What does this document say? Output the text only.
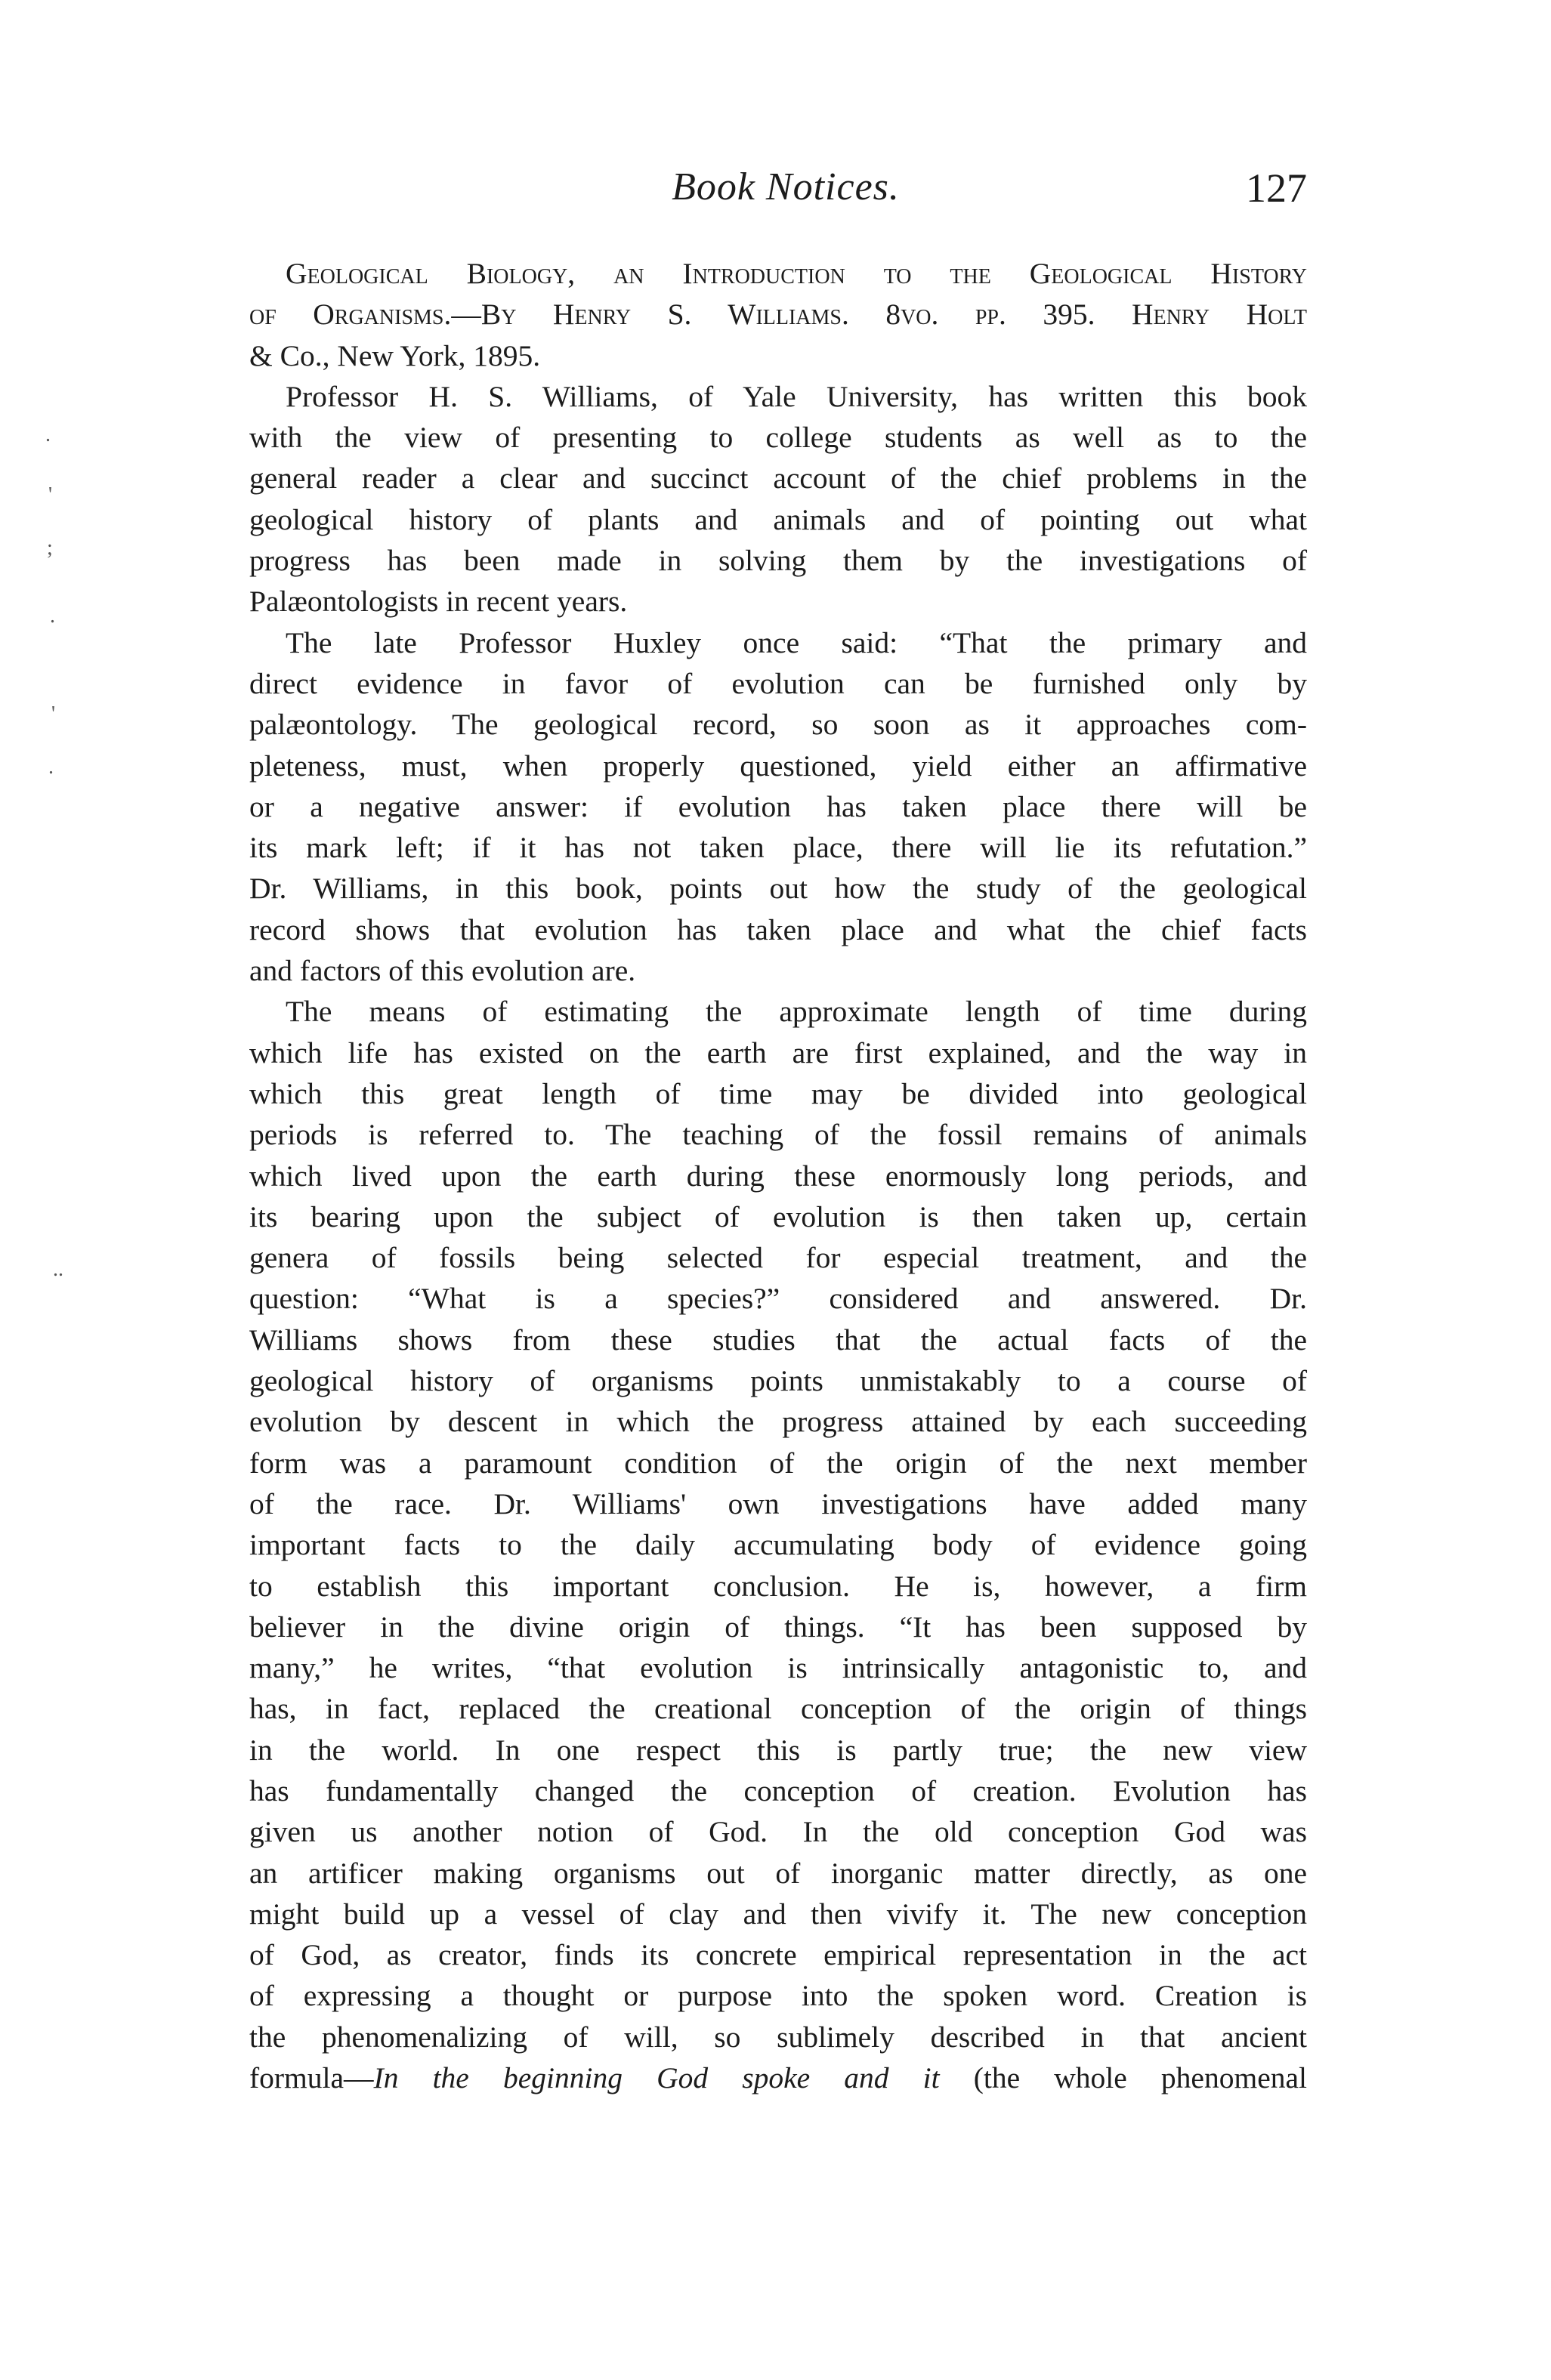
Book Notices.	127
.
'
;
.
'
.
..
Geological Biology, an Introduction to the Geological History
of Organisms.—By Henry S. Williams. 8vo. pp. 395. Henry Holt
& Co., New York, 1895.
Professor H. S. Williams, of Yale University, has written this book
with the view of presenting to college students as well as to the
general reader a clear and succinct account of the chief problems in the
geological history of plants and animals and of pointing out what
progress has been made in solving them by the investigations of
Palæontologists in recent years.
The late Professor Huxley once said: “That the primary and
direct evidence in favor of evolution can be furnished only by
palæontology. The geological record, so soon as it approaches com-
pleteness, must, when properly questioned, yield either an affirmative
or a negative answer: if evolution has taken place there will be
its mark left; if it has not taken place, there will lie its refutation.”
Dr. Williams, in this book, points out how the study of the geological
record shows that evolution has taken place and what the chief facts
and factors of this evolution are.
The means of estimating the approximate length of time during
which life has existed on the earth are first explained, and the way in
which this great length of time may be divided into geological
periods is referred to. The teaching of the fossil remains of animals
which lived upon the earth during these enormously long periods, and
its bearing upon the subject of evolution is then taken up, certain
genera of fossils being selected for especial treatment, and the
question: “What is a species?” considered and answered. Dr.
Williams shows from these studies that the actual facts of the
geological history of organisms points unmistakably to a course of
evolution by descent in which the progress attained by each succeeding
form was a paramount condition of the origin of the next member
of the race. Dr. Williams' own investigations have added many
important facts to the daily accumulating body of evidence going
to establish this important conclusion. He is, however, a firm
believer in the divine origin of things. “It has been supposed by
many,” he writes, “that evolution is intrinsically antagonistic to, and
has, in fact, replaced the creational conception of the origin of things
in the world. In one respect this is partly true; the new view
has fundamentally changed the conception of creation. Evolution has
given us another notion of God. In the old conception God was
an artificer making organisms out of inorganic matter directly, as one
might build up a vessel of clay and then vivify it. The new conception
of God, as creator, finds its concrete empirical representation in the act
of expressing a thought or purpose into the spoken word. Creation is
the phenomenalizing of will, so sublimely described in that ancient
formula—In the beginning God spoke and it (the whole phenomenal
